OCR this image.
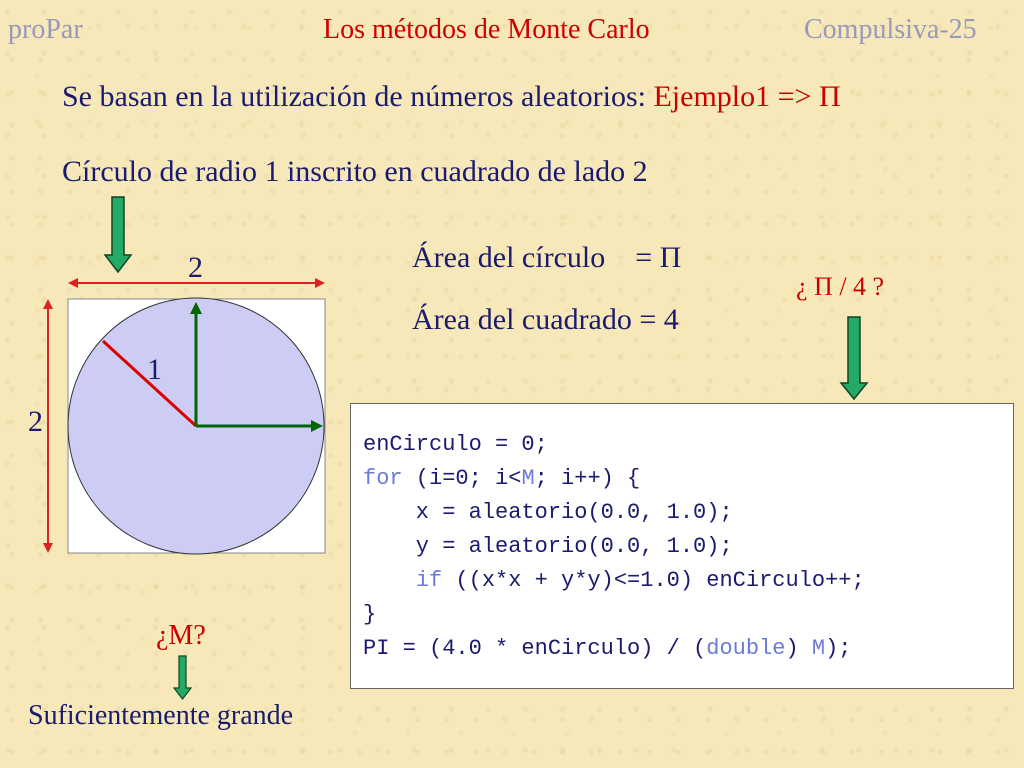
proPar	Los métodos de Monte Carlo	Compulsiva-25
Se basan en la utilización de números aleatorios: Ejemplo1 => Π
Círculo de radio 1 inscrito en cuadrado de lado 2
2
2
1
Área del círculo    = Π
Área del cuadrado = 4
¿ Π / 4 ?
¿M?
Suficientemente grande
enCirculo = 0;
for (i=0; i<M; i++) {
x = aleatorio(0.0, 1.0);
y = aleatorio(0.0, 1.0);
if ((x*x + y*y)<=1.0) enCirculo++;
}
PI = (4.0 * enCirculo) / (double) M);
